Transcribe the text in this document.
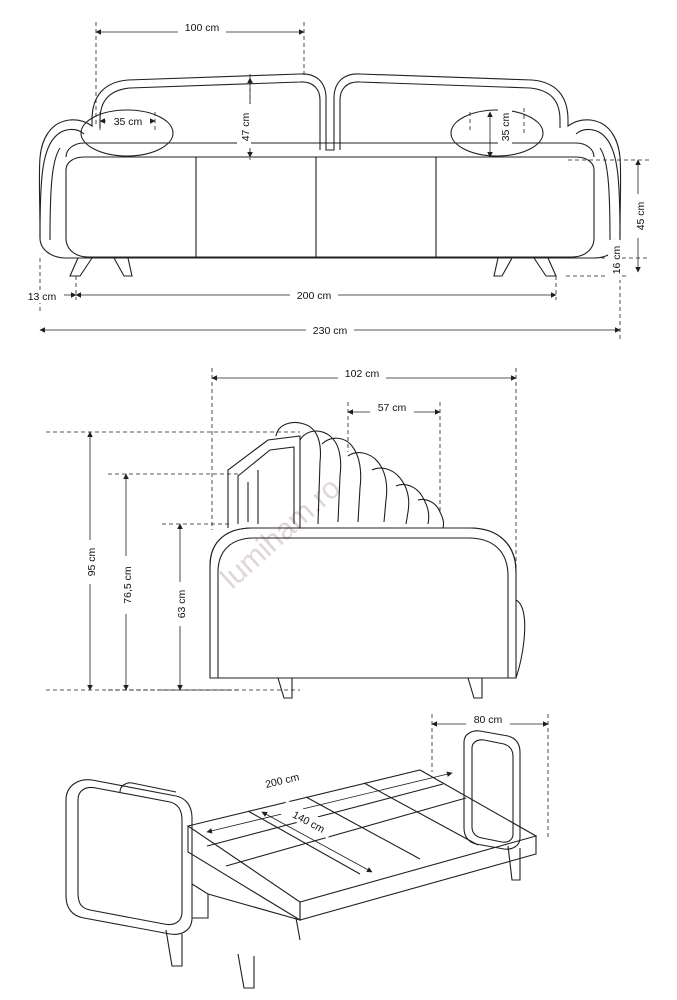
lumiham.ro
100 cm
35 cm	47 cm	35 cm
45 cm
16 cm
13 cm	200 cm
230 cm
102 cm
57 cm
95 cm
76,5 cm
63 cm
80 cm
200 cm
140 cm
